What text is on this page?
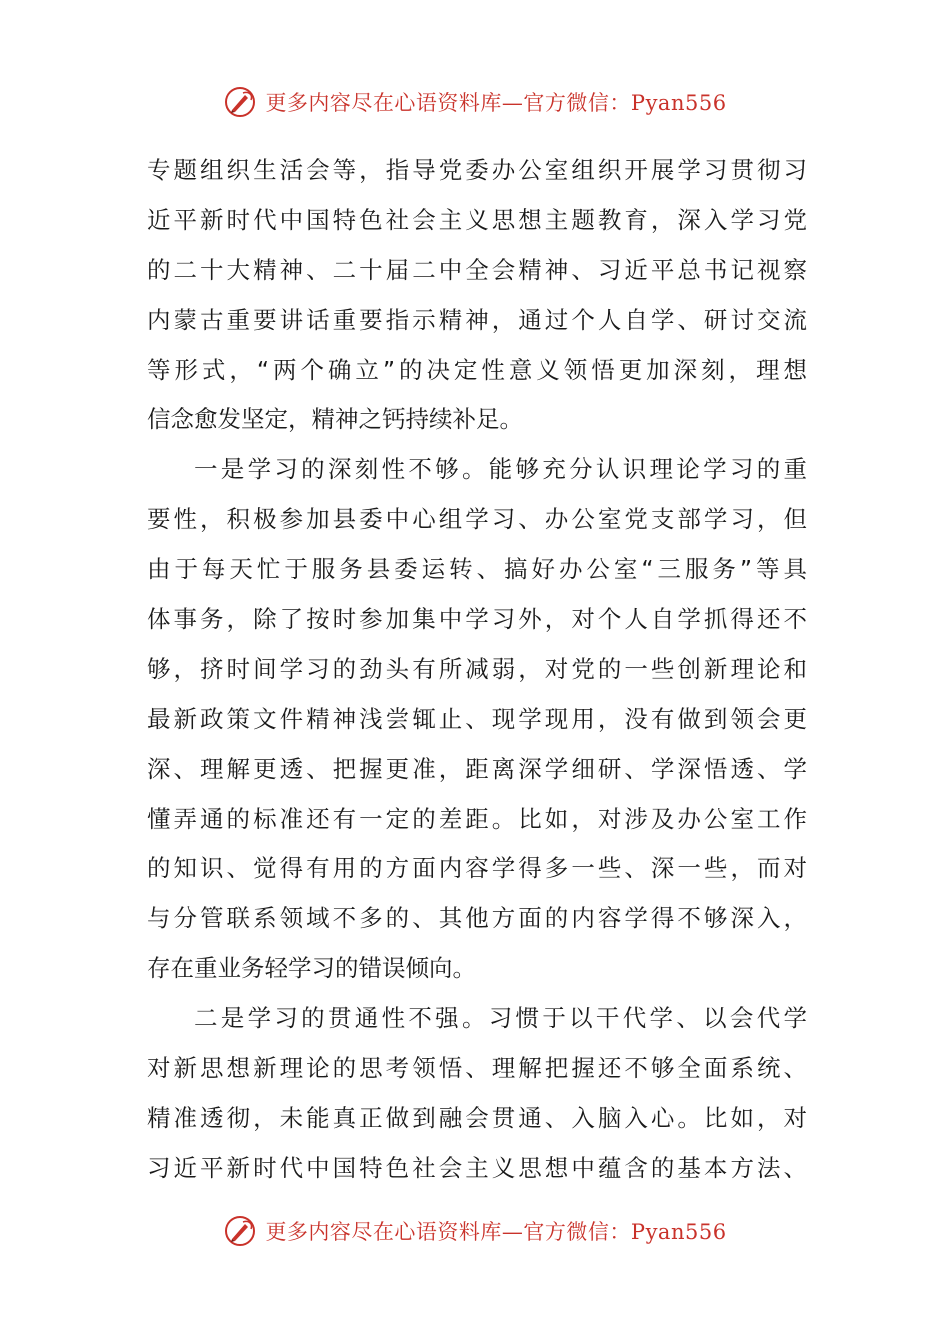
更多内容尽在心语资料库—官方微信：Pyan556
专题组织生活会等，指导党委办公室组织开展学习贯彻习
近平新时代中国特色社会主义思想主题教育，深入学习党
的二十大精神、二十届二中全会精神、习近平总书记视察
内蒙古重要讲话重要指示精神，通过个人自学、研讨交流
等形式，“两个确立”的决定性意义领悟更加深刻，理想
信念愈发坚定，精神之钙持续补足。
一是学习的深刻性不够。能够充分认识理论学习的重
要性，积极参加县委中心组学习、办公室党支部学习，但
由于每天忙于服务县委运转、搞好办公室“三服务”等具
体事务，除了按时参加集中学习外，对个人自学抓得还不
够，挤时间学习的劲头有所减弱，对党的一些创新理论和
最新政策文件精神浅尝辄止、现学现用，没有做到领会更
深、理解更透、把握更准，距离深学细研、学深悟透、学
懂弄通的标准还有一定的差距。比如，对涉及办公室工作
的知识、觉得有用的方面内容学得多一些、深一些，而对
与分管联系领域不多的、其他方面的内容学得不够深入，
存在重业务轻学习的错误倾向。
二是学习的贯通性不强。习惯于以干代学、以会代学
对新思想新理论的思考领悟、理解把握还不够全面系统、
精准透彻，未能真正做到融会贯通、入脑入心。比如，对
习近平新时代中国特色社会主义思想中蕴含的基本方法、
更多内容尽在心语资料库—官方微信：Pyan556
